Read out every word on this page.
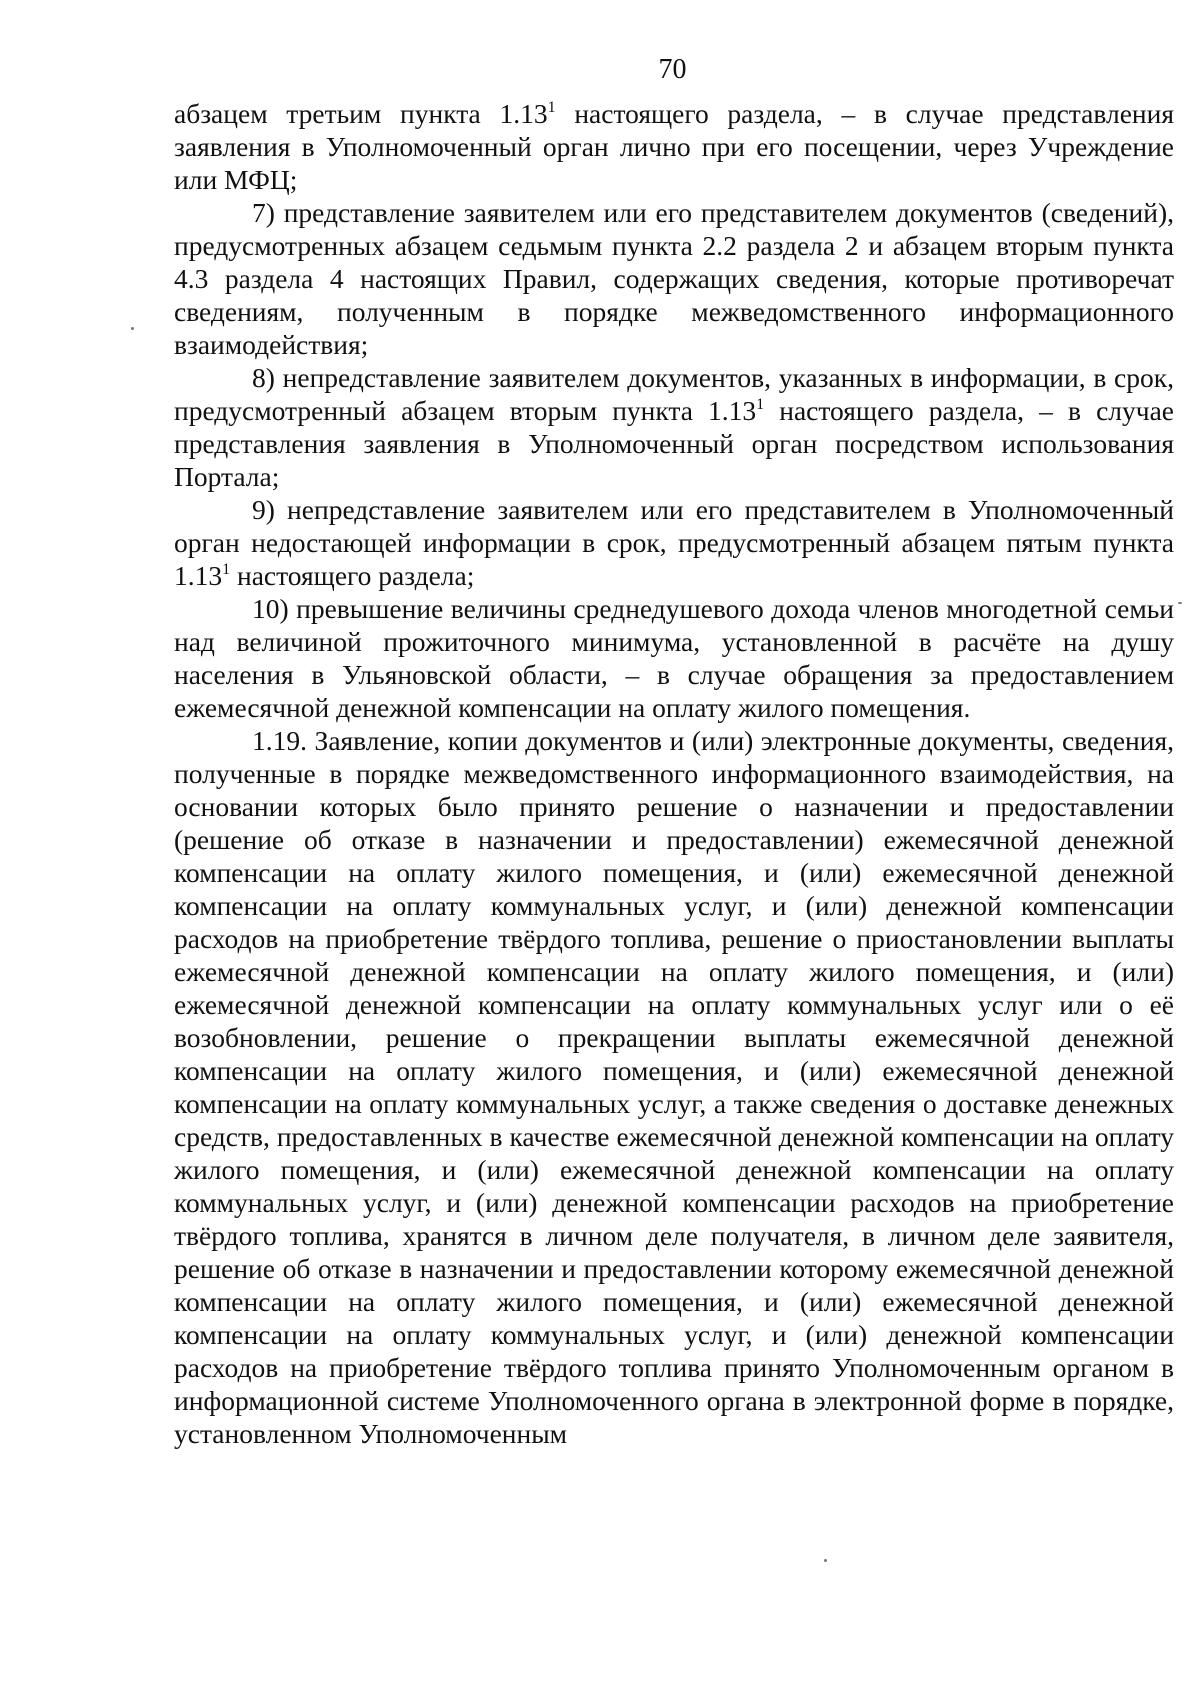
70

абзацем третьим пункта 1.13$^1$ настоящего раздела, – в случае представления заявления в Уполномоченный орган лично при его посещении, через Учреждение или МФЦ;

7) представление заявителем или его представителем документов (сведений), предусмотренных абзацем седьмым пункта 2.2 раздела 2 и абзацем вторым пункта 4.3 раздела 4 настоящих Правил, содержащих сведения, которые противоречат сведениям, полученным в порядке межведомственного информационного взаимодействия;

8) непредставление заявителем документов, указанных в информации, в срок, предусмотренный абзацем вторым пункта 1.13$^1$ настоящего раздела, – в случае представления заявления в Уполномоченный орган посредством использования Портала;

9) непредставление заявителем или его представителем в Уполномоченный орган недостающей информации в срок, предусмотренный абзацем пятым пункта 1.13$^1$ настоящего раздела;

10) превышение величины среднедушевого дохода членов многодетной семьи над величиной прожиточного минимума, установленной в расчёте на душу населения в Ульяновской области, – в случае обращения за предоставлением ежемесячной денежной компенсации на оплату жилого помещения.

1.19. Заявление, копии документов и (или) электронные документы, сведения, полученные в порядке межведомственного информационного взаимодействия, на основании которых было принято решение о назначении и предоставлении (решение об отказе в назначении и предоставлении) ежемесячной денежной компенсации на оплату жилого помещения, и (или) ежемесячной денежной компенсации на оплату коммунальных услуг, и (или) денежной компенсации расходов на приобретение твёрдого топлива, решение о приостановлении выплаты ежемесячной денежной компенсации на оплату жилого помещения, и (или) ежемесячной денежной компенсации на оплату коммунальных услуг или о её возобновлении, решение о прекращении выплаты ежемесячной денежной компенсации на оплату жилого помещения, и (или) ежемесячной денежной компенсации на оплату коммунальных услуг, а также сведения о доставке денежных средств, предоставленных в качестве ежемесячной денежной компенсации на оплату жилого помещения, и (или) ежемесячной денежной компенсации на оплату коммунальных услуг, и (или) денежной компенсации расходов на приобретение твёрдого топлива, хранятся в личном деле получателя, в личном деле заявителя, решение об отказе в назначении и предоставлении которому ежемесячной денежной компенсации на оплату жилого помещения, и (или) ежемесячной денежной компенсации на оплату коммунальных услуг, и (или) денежной компенсации расходов на приобретение твёрдого топлива принято Уполномоченным органом в информационной системе Уполномоченного органа в электронной форме в порядке, установленном Уполномоченным
